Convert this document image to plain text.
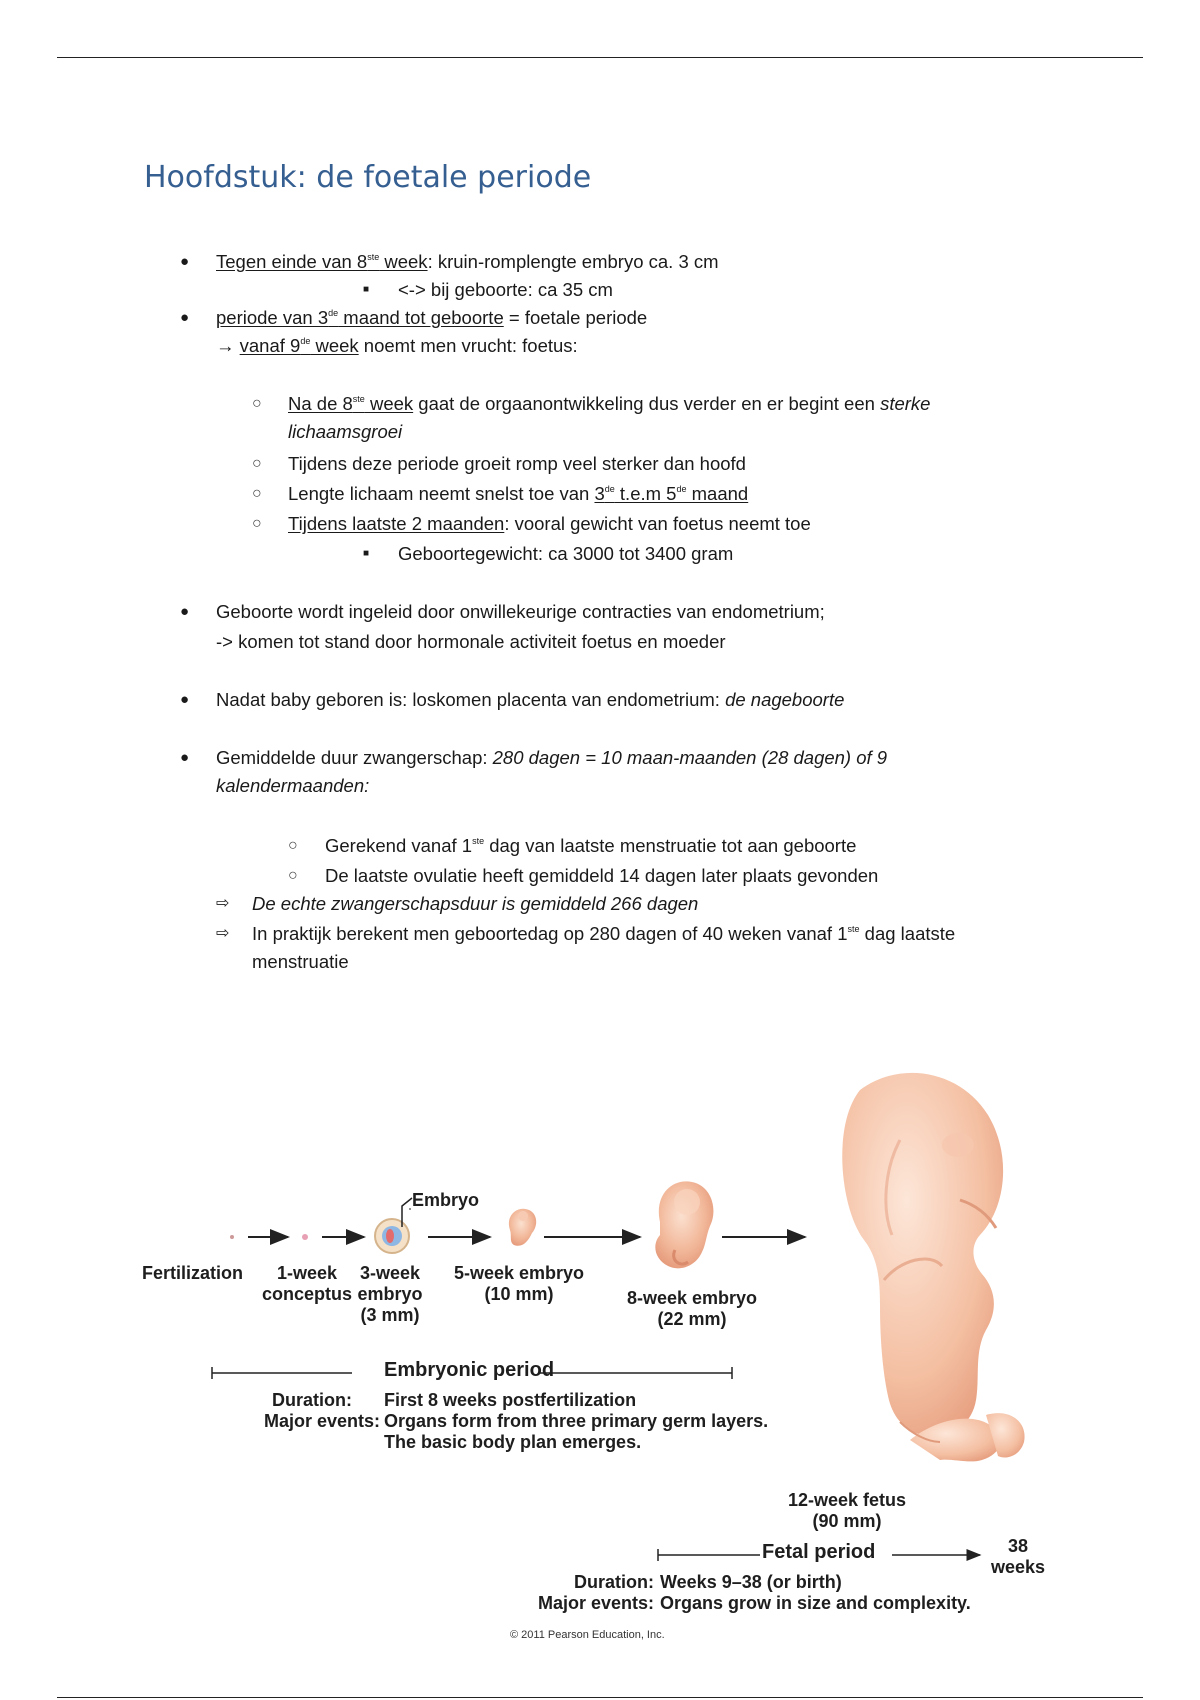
Hoofdstuk: de foetale periode
● Tegen einde van 8ste week: kruin-romplengte embryo ca. 3 cm
■ <-> bij geboorte: ca 35 cm
● periode van 3de maand tot geboorte = foetale periode
→ vanaf 9de week noemt men vrucht: foetus:
○ Na de 8ste week gaat de orgaanontwikkeling dus verder en er begint een sterke
lichaamsgroei
○ Tijdens deze periode groeit romp veel sterker dan hoofd
○ Lengte lichaam neemt snelst toe van 3de t.e.m 5de maand
○ Tijdens laatste 2 maanden: vooral gewicht van foetus neemt toe
■ Geboortegewicht: ca 3000 tot 3400 gram
● Geboorte wordt ingeleid door onwillekeurige contracties van endometrium;
-> komen tot stand door hormonale activiteit foetus en moeder
● Nadat baby geboren is: loskomen placenta van endometrium: de nageboorte
● Gemiddelde duur zwangerschap: 280 dagen = 10 maan-maanden (28 dagen) of 9
kalendermaanden:
○ Gerekend vanaf 1ste dag van laatste menstruatie tot aan geboorte
○ De laatste ovulatie heeft gemiddeld 14 dagen later plaats gevonden
⇨ De echte zwangerschapsduur is gemiddeld 266 dagen
⇨ In praktijk berekent men geboortedag op 280 dagen of 40 weken vanaf 1ste dag laatste
menstruatie
Embryo
Fertilization	1-week
conceptus
3-week
embryo
(3 mm)
5-week embryo
(10 mm)	8-week embryo
(22 mm)
Embryonic period
Duration: First 8 weeks postfertilization
Major events: Organs form from three primary germ layers.
The basic body plan emerges.
12-week fetus
(90 mm)
Fetal period	38
weeks
Duration: Weeks 9–38 (or birth)
Major events: Organs grow in size and complexity.
© 2011 Pearson Education, Inc.
